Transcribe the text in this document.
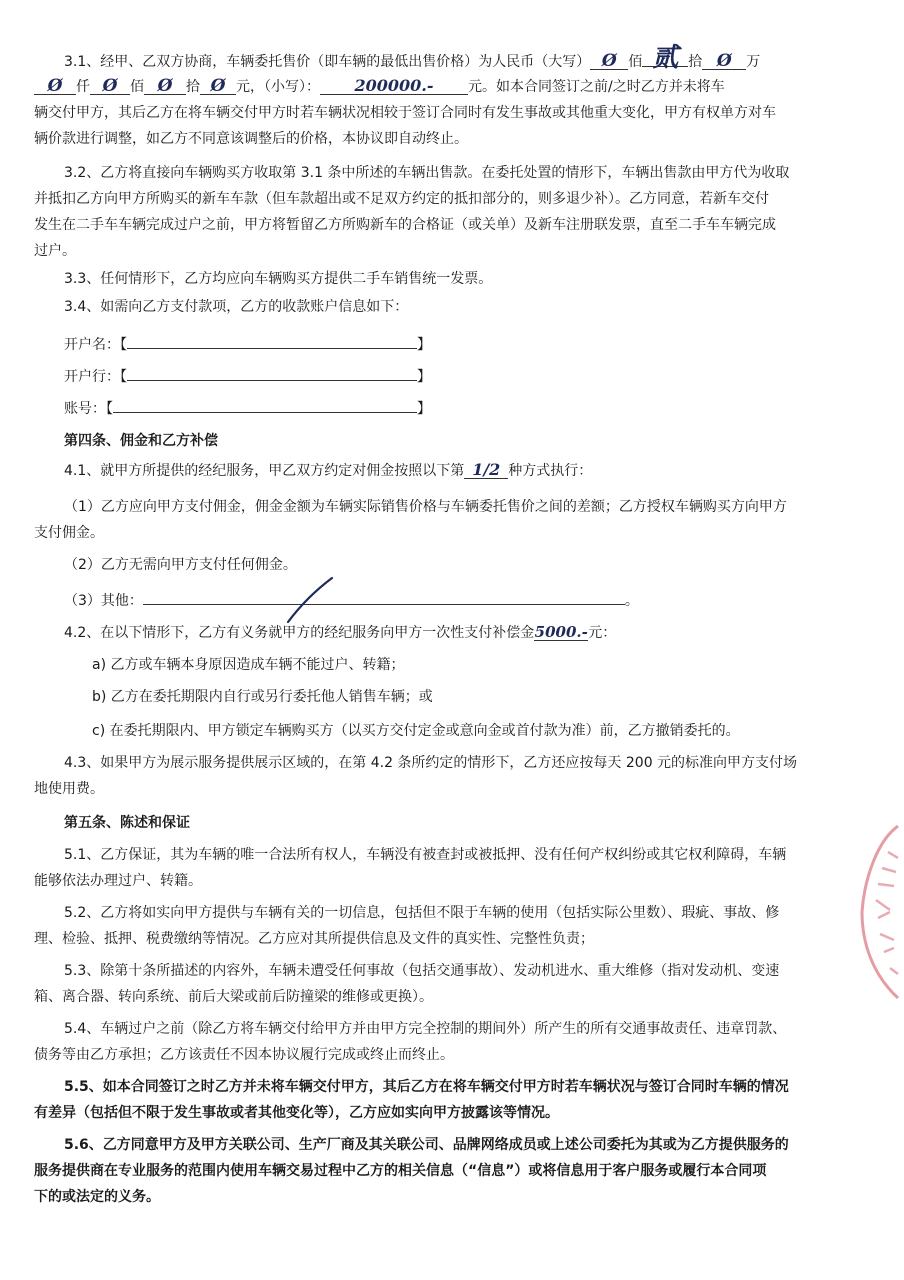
3.1、经甲、乙双方协商，车辆委托售价（即车辆的最低出售价格）为人民币（大写） Ø 佰 贰 拾 Ø 万
Ø 仟 Ø 佰 Ø 拾 Ø 元，（小写）： 200000.- 元。如本合同签订之前/之时乙方并未将车
辆交付甲方，其后乙方在将车辆交付甲方时若车辆状况相较于签订合同时有发生事故或其他重大变化，甲方有权单方对车
辆价款进行调整，如乙方不同意该调整后的价格，本协议即自动终止。
3.2、乙方将直接向车辆购买方收取第 3.1 条中所述的车辆出售款。在委托处置的情形下，车辆出售款由甲方代为收取
并抵扣乙方向甲方所购买的新车车款（但车款超出或不足双方约定的抵扣部分的，则多退少补）。乙方同意，若新车交付
发生在二手车车辆完成过户之前，甲方将暂留乙方所购新车的合格证（或关单）及新车注册联发票，直至二手车车辆完成
过户。
3.3、任何情形下，乙方均应向车辆购买方提供二手车销售统一发票。
3.4、如需向乙方支付款项，乙方的收款账户信息如下：
开户名：【	】
开户行：【	】
账号：【	】
第四条、佣金和乙方补偿
4.1、就甲方所提供的经纪服务，甲乙双方约定对佣金按照以下第 1/2 种方式执行：
（1）乙方应向甲方支付佣金，佣金金额为车辆实际销售价格与车辆委托售价之间的差额；乙方授权车辆购买方向甲方
支付佣金。
（2）乙方无需向甲方支付任何佣金。
（3）其他：	。
4.2、在以下情形下，乙方有义务就甲方的经纪服务向甲方一次性支付补偿金5000.-元：
a) 乙方或车辆本身原因造成车辆不能过户、转籍；
b) 乙方在委托期限内自行或另行委托他人销售车辆；或
c) 在委托期限内、甲方锁定车辆购买方（以买方交付定金或意向金或首付款为准）前，乙方撤销委托的。
4.3、如果甲方为展示服务提供展示区域的，在第 4.2 条所约定的情形下，乙方还应按每天 200 元的标准向甲方支付场
地使用费。
第五条、陈述和保证
5.1、乙方保证，其为车辆的唯一合法所有权人，车辆没有被查封或被抵押、没有任何产权纠纷或其它权利障碍，车辆
能够依法办理过户、转籍。
5.2、乙方将如实向甲方提供与车辆有关的一切信息，包括但不限于车辆的使用（包括实际公里数）、瑕疵、事故、修
理、检验、抵押、税费缴纳等情况。乙方应对其所提供信息及文件的真实性、完整性负责；
5.3、除第十条所描述的内容外，车辆未遭受任何事故（包括交通事故）、发动机进水、重大维修（指对发动机、变速
箱、离合器、转向系统、前后大梁或前后防撞梁的维修或更换）。
5.4、车辆过户之前（除乙方将车辆交付给甲方并由甲方完全控制的期间外）所产生的所有交通事故责任、违章罚款、
债务等由乙方承担；乙方该责任不因本协议履行完成或终止而终止。
5.5、如本合同签订之时乙方并未将车辆交付甲方，其后乙方在将车辆交付甲方时若车辆状况与签订合同时车辆的情况
有差异（包括但不限于发生事故或者其他变化等），乙方应如实向甲方披露该等情况。
5.6、乙方同意甲方及甲方关联公司、生产厂商及其关联公司、品牌网络成员或上述公司委托为其或为乙方提供服务的
服务提供商在专业服务的范围内使用车辆交易过程中乙方的相关信息（“信息”）或将信息用于客户服务或履行本合同项
下的或法定的义务。
